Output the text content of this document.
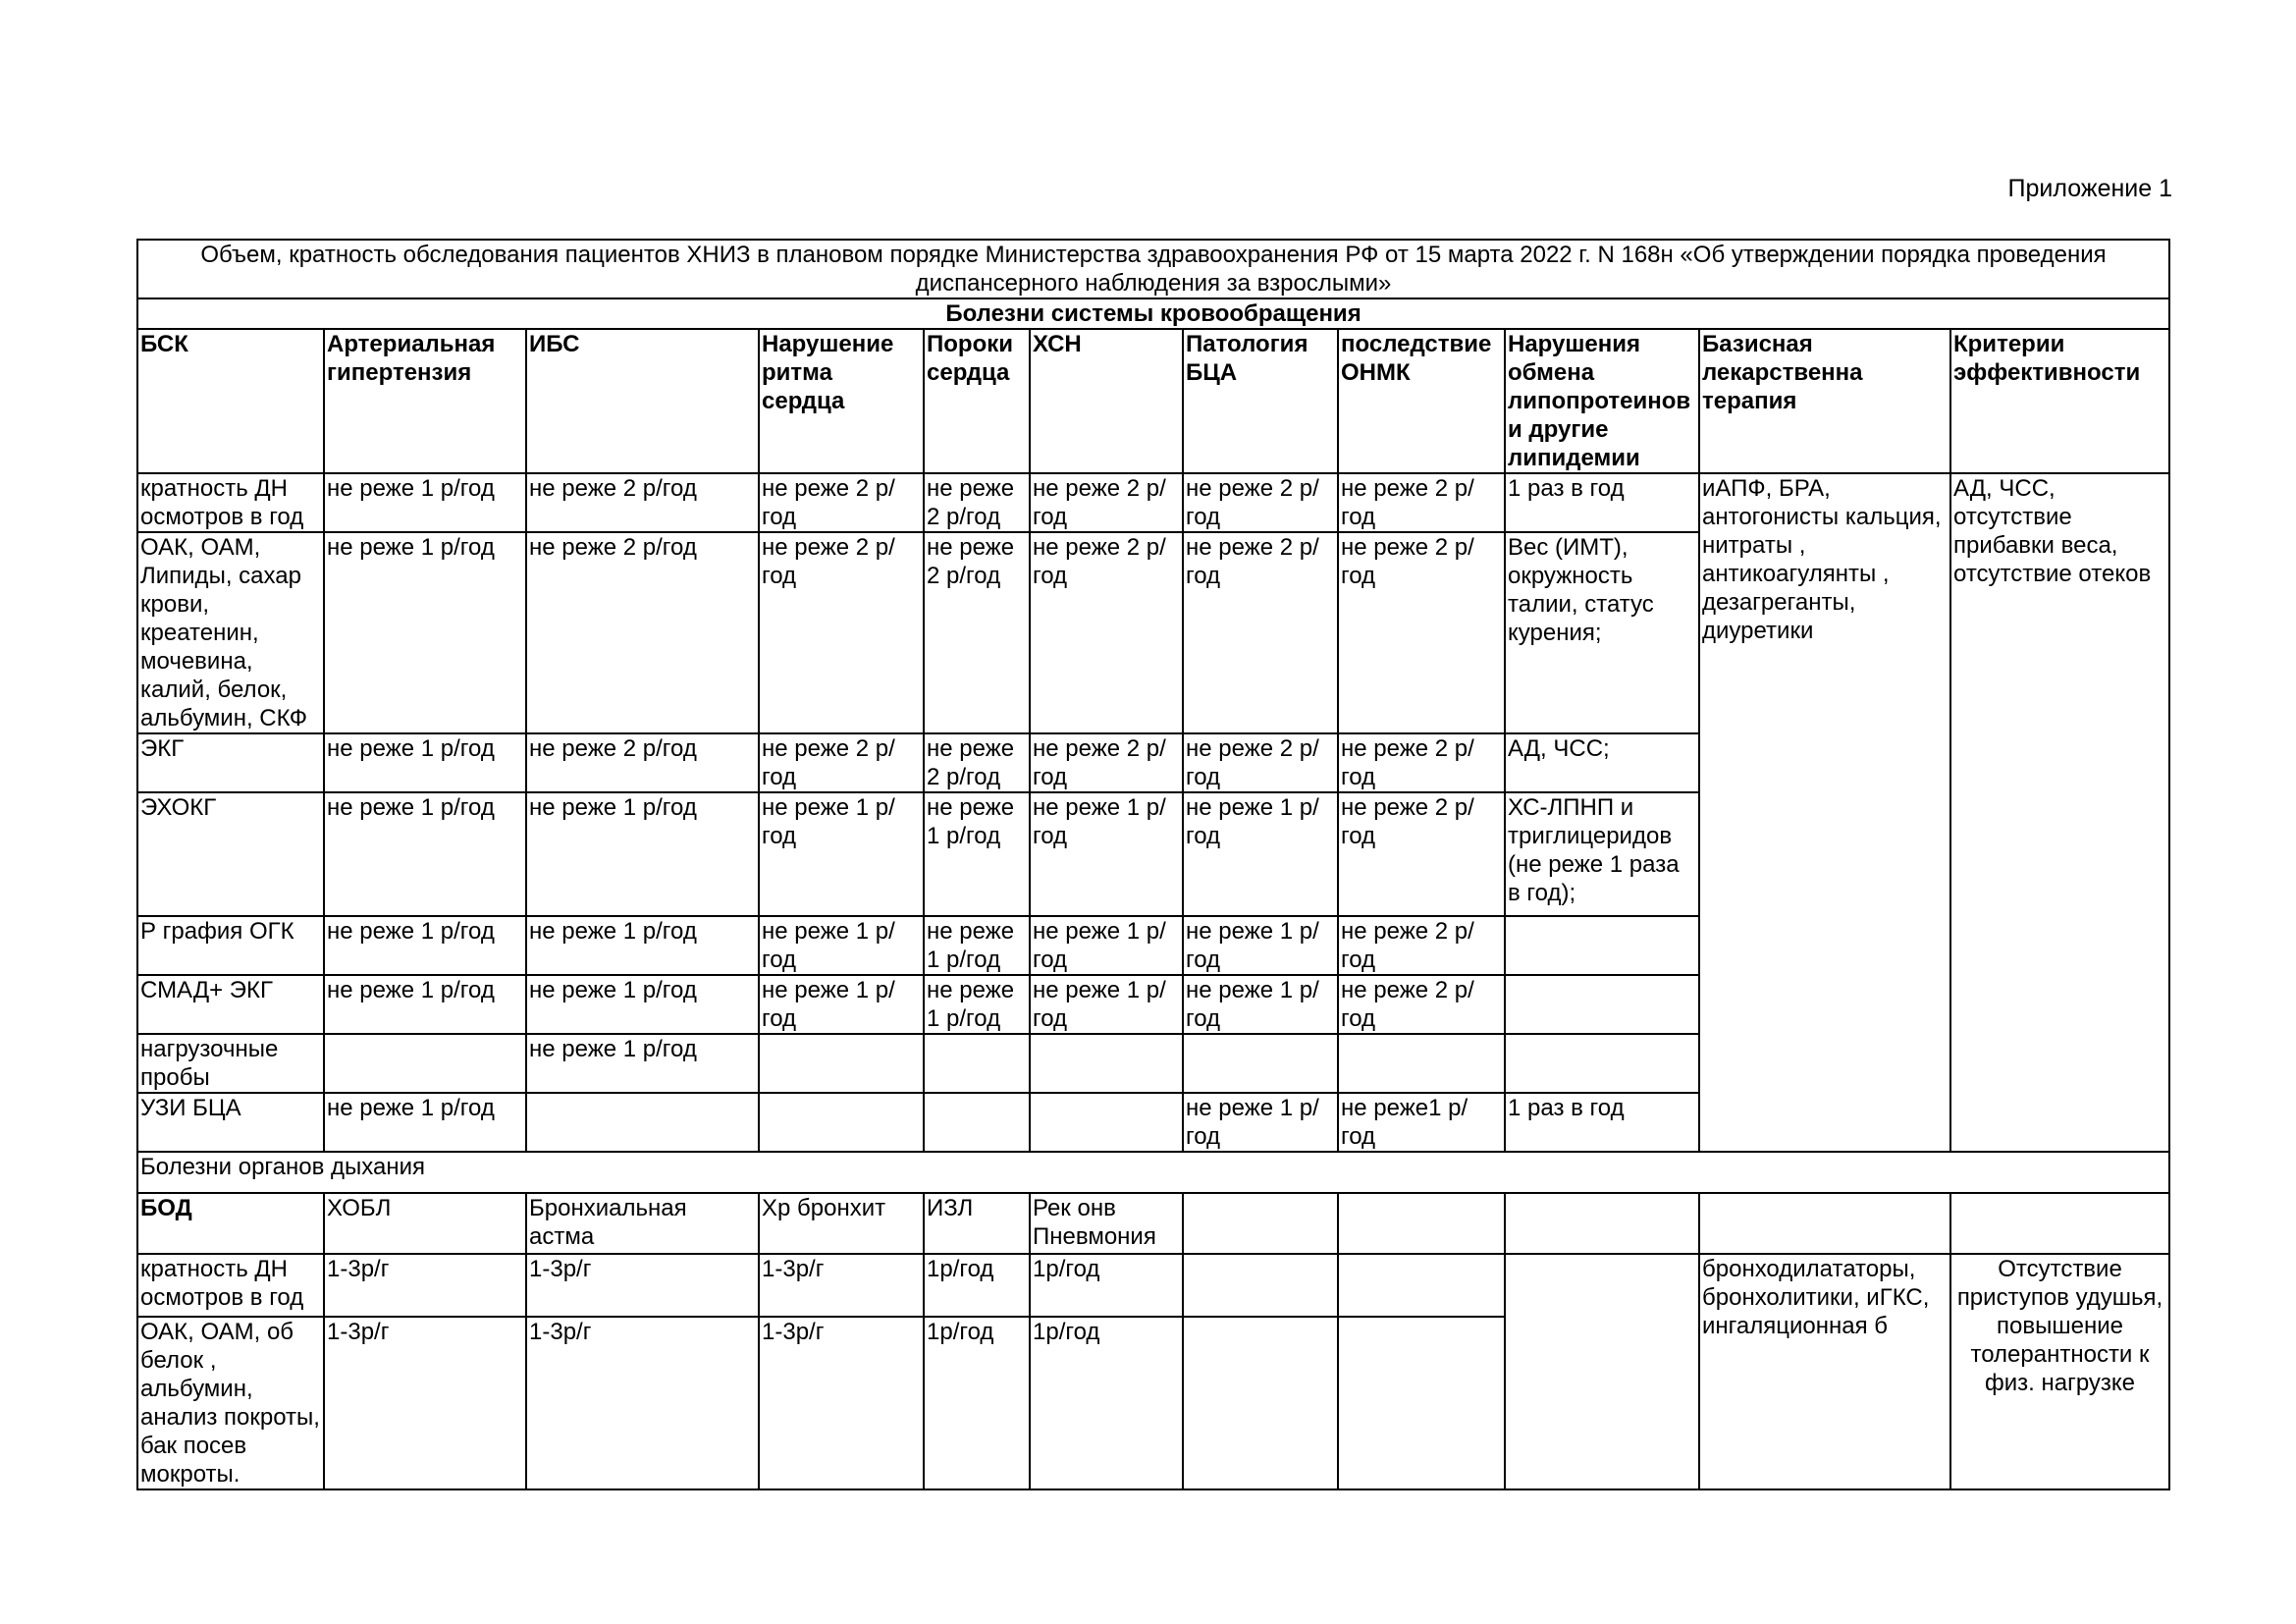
Приложение 1
Объем, кратность обследования пациентов ХНИЗ в плановом порядке Министерства здравоохранения РФ от 15 марта 2022 г. N 168н «Об утверждении порядка проведения диспансерного наблюдения за взрослыми»										
Болезни системы кровообращения										
БСК	Артериальная гипертензия	ИБС	Нарушение ритма сердца	Пороки сердца	ХСН	Патология БЦА	последствие ОНМК	Нарушения обмена липопротеинов и другие липидемии	Базисная лекарственна терапия	Критерии эффективности
кратность ДН осмотров в год	не реже 1 р/год	не реже 2 р/год	не реже 2 р/год	не реже 2 р/год	не реже 2 р/год	не реже 2 р/год	не реже 2 р/год	1 раз в год	иАПФ, БРА, антогонисты кальция, нитраты , антикоагулянты , дезагреганты, диуретики	АД, ЧСС, отсутствие прибавки веса, отсутствие отеков
ОАК, ОАМ, Липиды, сахар крови, креатенин, мочевина, калий, белок, альбумин, СКФ	не реже 1 р/год	не реже 2 р/год	не реже 2 р/год	не реже 2 р/год	не реже 2 р/год	не реже 2 р/год	не реже 2 р/год	Вес (ИМТ), окружность талии, статус курения;		
ЭКГ	не реже 1 р/год	не реже 2 р/год	не реже 2 р/год	не реже 2 р/год	не реже 2 р/год	не реже 2 р/год	не реже 2 р/год	АД, ЧСС;		
ЭХОКГ	не реже 1 р/год	не реже 1 р/год	не реже 1 р/год	не реже 1 р/год	не реже 1 р/год	не реже 1 р/год	не реже 2 р/год	ХС-ЛПНП и триглицеридов (не реже 1 раза в год);		
Р графия ОГК	не реже 1 р/год	не реже 1 р/год	не реже 1 р/год	не реже 1 р/год	не реже 1 р/год	не реже 1 р/год	не реже 2 р/год			
СМАД+ ЭКГ	не реже 1 р/год	не реже 1 р/год	не реже 1 р/год	не реже 1 р/год	не реже 1 р/год	не реже 1 р/год	не реже 2 р/год			
нагрузочные пробы		не реже 1 р/год								
УЗИ БЦА	не реже 1 р/год					не реже 1 р/год	не реже1 р/год	1 раз в год		
Болезни органов дыхания										
БОД	ХОБЛ	Бронхиальная астма	Хр бронхит	ИЗЛ	Рек онв Пневмония					
кратность ДН осмотров в год	1-3р/г	1-3р/г	1-3р/г	1р/год	1р/год				бронходилататоры, бронхолитики, иГКС, ингаляционная б	Отсутствие приступов удушья, повышение толерантности к физ. нагрузке
ОАК, ОАМ, об белок , альбумин, анализ покроты, бак посев мокроты.	1-3р/г	1-3р/г	1-3р/г	1р/год	1р/год					
